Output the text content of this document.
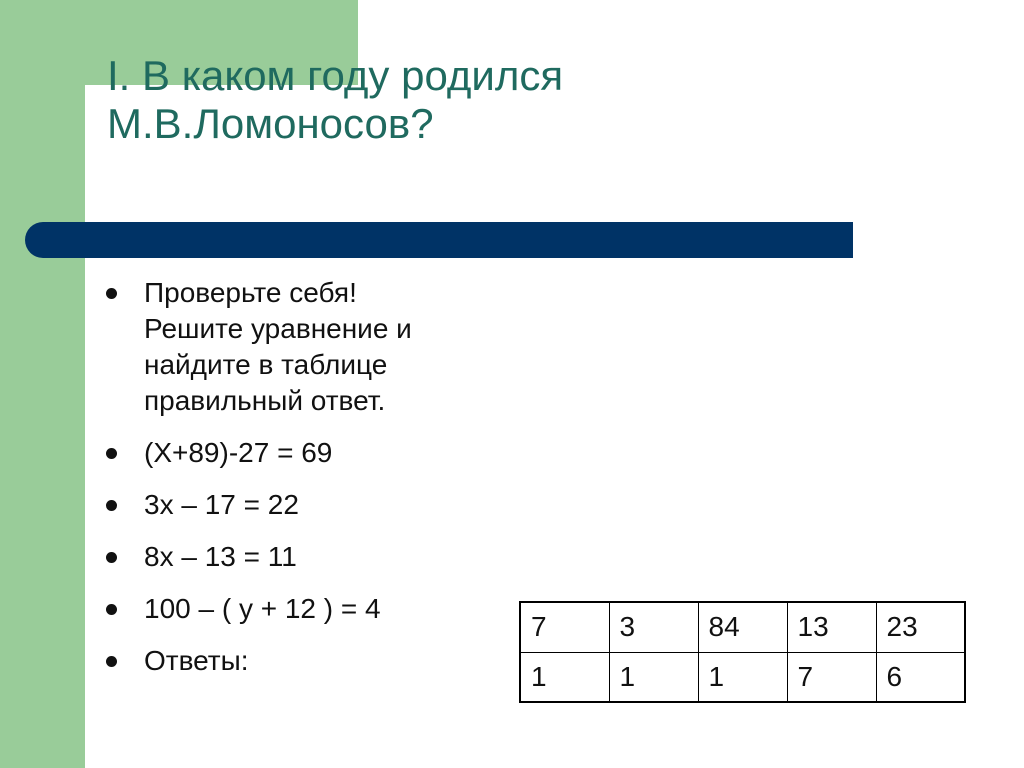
I. В каком году родился
М.В.Ломоносов?
Проверьте себя!
Решите уравнение и
найдите в таблице
правильный ответ.
(Х+89)-27 = 69
3х – 17 = 22
8х – 13 = 11
100 – ( у + 12 ) = 4
Ответы:
7	3	84	13	23
1	1	1	7	6
